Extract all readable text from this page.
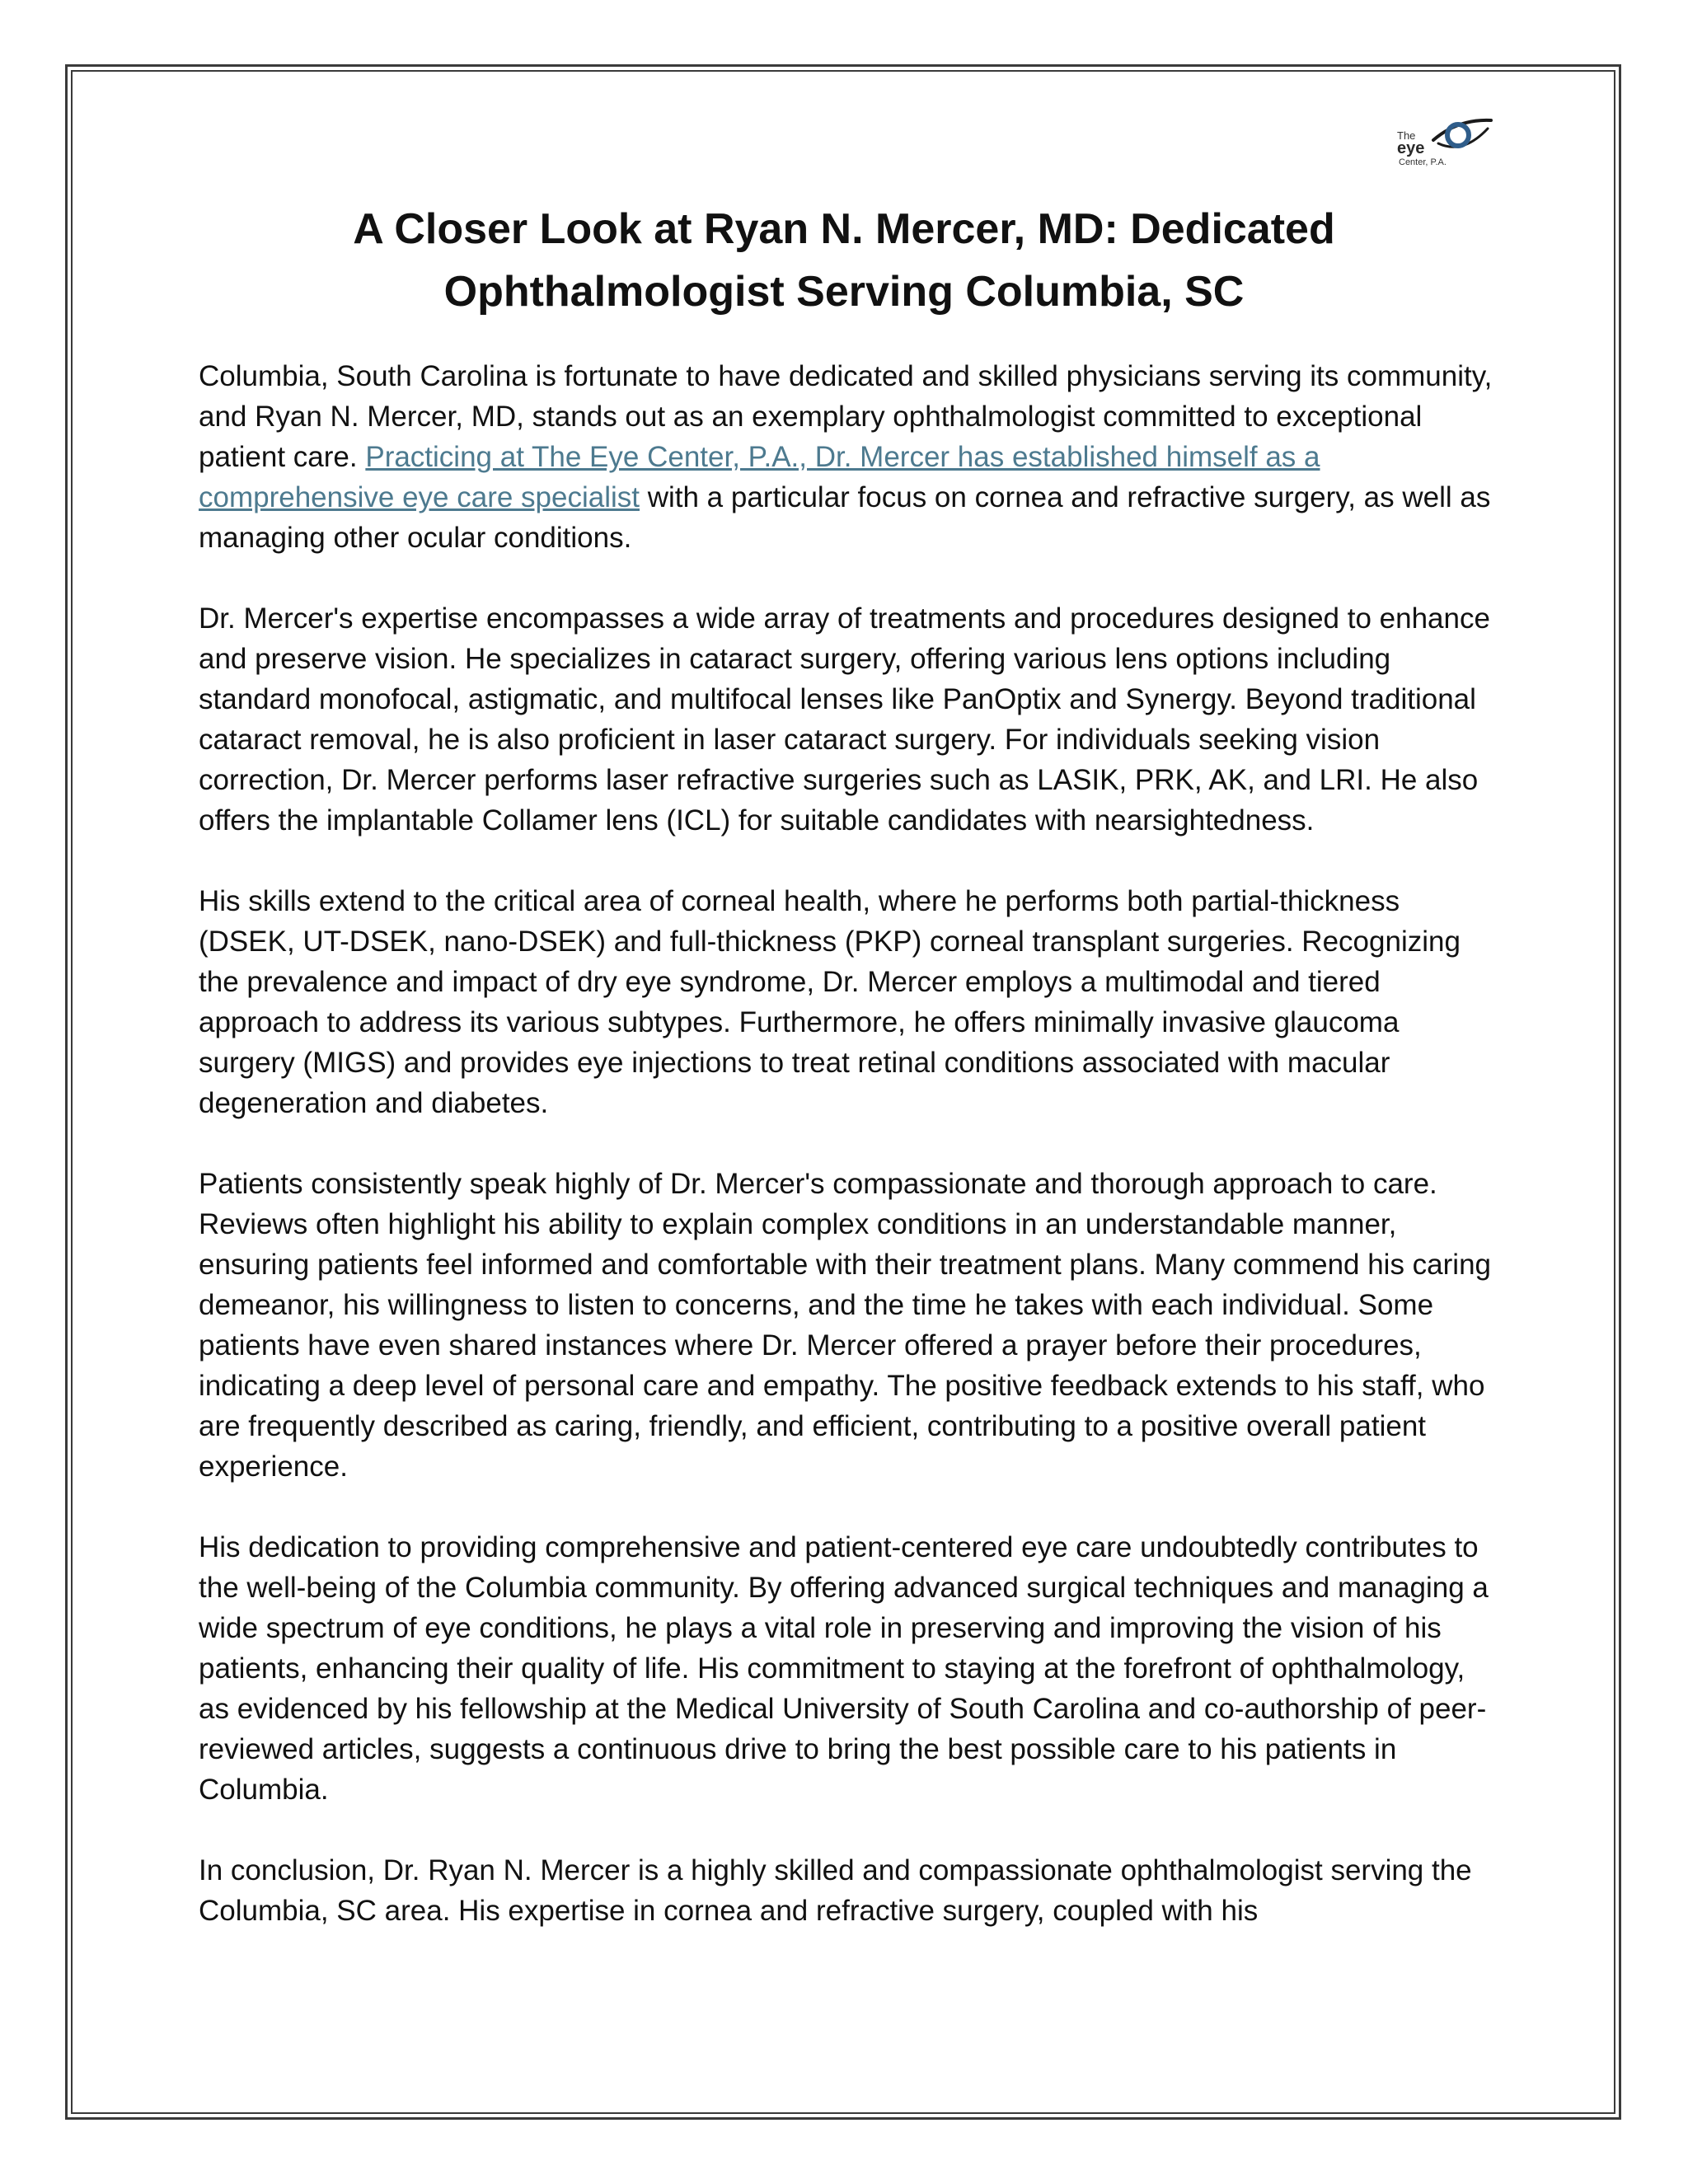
The
eye
Center, P.A.
A Closer Look at Ryan N. Mercer, MD: Dedicated Ophthalmologist Serving Columbia, SC

Columbia, South Carolina is fortunate to have dedicated and skilled physicians serving its community, and Ryan N. Mercer, MD, stands out as an exemplary ophthalmologist committed to exceptional patient care. Practicing at The Eye Center, P.A., Dr. Mercer has established himself as a comprehensive eye care specialist with a particular focus on cornea and refractive surgery, as well as managing other ocular conditions.

Dr. Mercer's expertise encompasses a wide array of treatments and procedures designed to enhance and preserve vision. He specializes in cataract surgery, offering various lens options including standard monofocal, astigmatic, and multifocal lenses like PanOptix and Synergy. Beyond traditional cataract removal, he is also proficient in laser cataract surgery. For individuals seeking vision correction, Dr. Mercer performs laser refractive surgeries such as LASIK, PRK, AK, and LRI. He also offers the implantable Collamer lens (ICL) for suitable candidates with nearsightedness.

His skills extend to the critical area of corneal health, where he performs both partial-thickness (DSEK, UT-DSEK, nano-DSEK) and full-thickness (PKP) corneal transplant surgeries. Recognizing the prevalence and impact of dry eye syndrome, Dr. Mercer employs a multimodal and tiered approach to address its various subtypes. Furthermore, he offers minimally invasive glaucoma surgery (MIGS) and provides eye injections to treat retinal conditions associated with macular degeneration and diabetes.

Patients consistently speak highly of Dr. Mercer's compassionate and thorough approach to care. Reviews often highlight his ability to explain complex conditions in an understandable manner, ensuring patients feel informed and comfortable with their treatment plans. Many commend his caring demeanor, his willingness to listen to concerns, and the time he takes with each individual. Some patients have even shared instances where Dr. Mercer offered a prayer before their procedures, indicating a deep level of personal care and empathy. The positive feedback extends to his staff, who are frequently described as caring, friendly, and efficient, contributing to a positive overall patient experience.

His dedication to providing comprehensive and patient-centered eye care undoubtedly contributes to the well-being of the Columbia community. By offering advanced surgical techniques and managing a wide spectrum of eye conditions, he plays a vital role in preserving and improving the vision of his patients, enhancing their quality of life. His commitment to staying at the forefront of ophthalmology, as evidenced by his fellowship at the Medical University of South Carolina and co-authorship of peer-reviewed articles, suggests a continuous drive to bring the best possible care to his patients in Columbia.

In conclusion, Dr. Ryan N. Mercer is a highly skilled and compassionate ophthalmologist serving the Columbia, SC area. His expertise in cornea and refractive surgery, coupled with his
